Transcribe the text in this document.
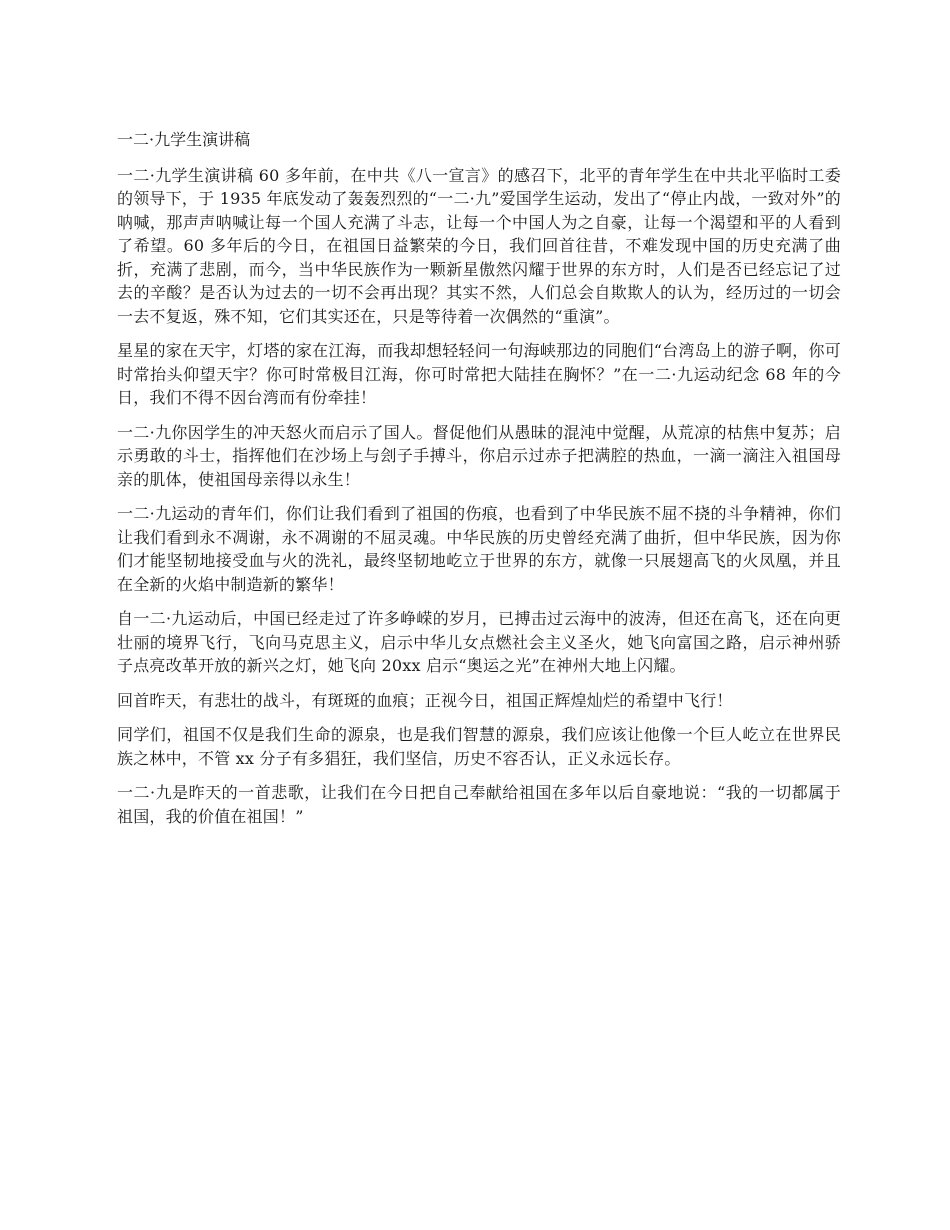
一二·九学生演讲稿

一二·九学生演讲稿 60 多年前，在中共《八一宣言》的感召下，北平的青年学生在中共北平临时工委的领导下，于 1935 年底发动了轰轰烈烈的“一二·九”爱国学生运动，发出了“停止内战，一致对外”的呐喊，那声声呐喊让每一个国人充满了斗志，让每一个中国人为之自豪，让每一个渴望和平的人看到了希望。60 多年后的今日，在祖国日益繁荣的今日，我们回首往昔，不难发现中国的历史充满了曲折，充满了悲剧，而今，当中华民族作为一颗新星傲然闪耀于世界的东方时，人们是否已经忘记了过去的辛酸？是否认为过去的一切不会再出现？其实不然，人们总会自欺欺人的认为，经历过的一切会一去不复返，殊不知，它们其实还在，只是等待着一次偶然的“重演”。

星星的家在天宇，灯塔的家在江海，而我却想轻轻问一句海峡那边的同胞们“台湾岛上的游子啊，你可时常抬头仰望天宇？你可时常极目江海，你可时常把大陆挂在胸怀？”在一二·九运动纪念 68 年的今日，我们不得不因台湾而有份牵挂！

一二·九你因学生的冲天怒火而启示了国人。督促他们从愚昧的混沌中觉醒，从荒凉的枯焦中复苏；启示勇敢的斗士，指挥他们在沙场上与刽子手搏斗，你启示过赤子把满腔的热血，一滴一滴注入祖国母亲的肌体，使祖国母亲得以永生！

一二·九运动的青年们，你们让我们看到了祖国的伤痕，也看到了中华民族不屈不挠的斗争精神，你们让我们看到永不凋谢，永不凋谢的不屈灵魂。中华民族的历史曾经充满了曲折，但中华民族，因为你们才能坚韧地接受血与火的洗礼，最终坚韧地屹立于世界的东方，就像一只展翅高飞的火凤凰，并且在全新的火焰中制造新的繁华！

自一二·九运动后，中国已经走过了许多峥嵘的岁月，已搏击过云海中的波涛，但还在高飞，还在向更壮丽的境界飞行，飞向马克思主义，启示中华儿女点燃社会主义圣火，她飞向富国之路，启示神州骄子点亮改革开放的新兴之灯，她飞向 20xx 启示“奥运之光”在神州大地上闪耀。

回首昨天，有悲壮的战斗，有斑斑的血痕；正视今日，祖国正辉煌灿烂的希望中飞行！

同学们，祖国不仅是我们生命的源泉，也是我们智慧的源泉，我们应该让他像一个巨人屹立在世界民族之林中，不管 xx 分子有多猖狂，我们坚信，历史不容否认，正义永远长存。

一二·九是昨天的一首悲歌，让我们在今日把自己奉献给祖国在多年以后自豪地说：“我的一切都属于祖国，我的价值在祖国！”
